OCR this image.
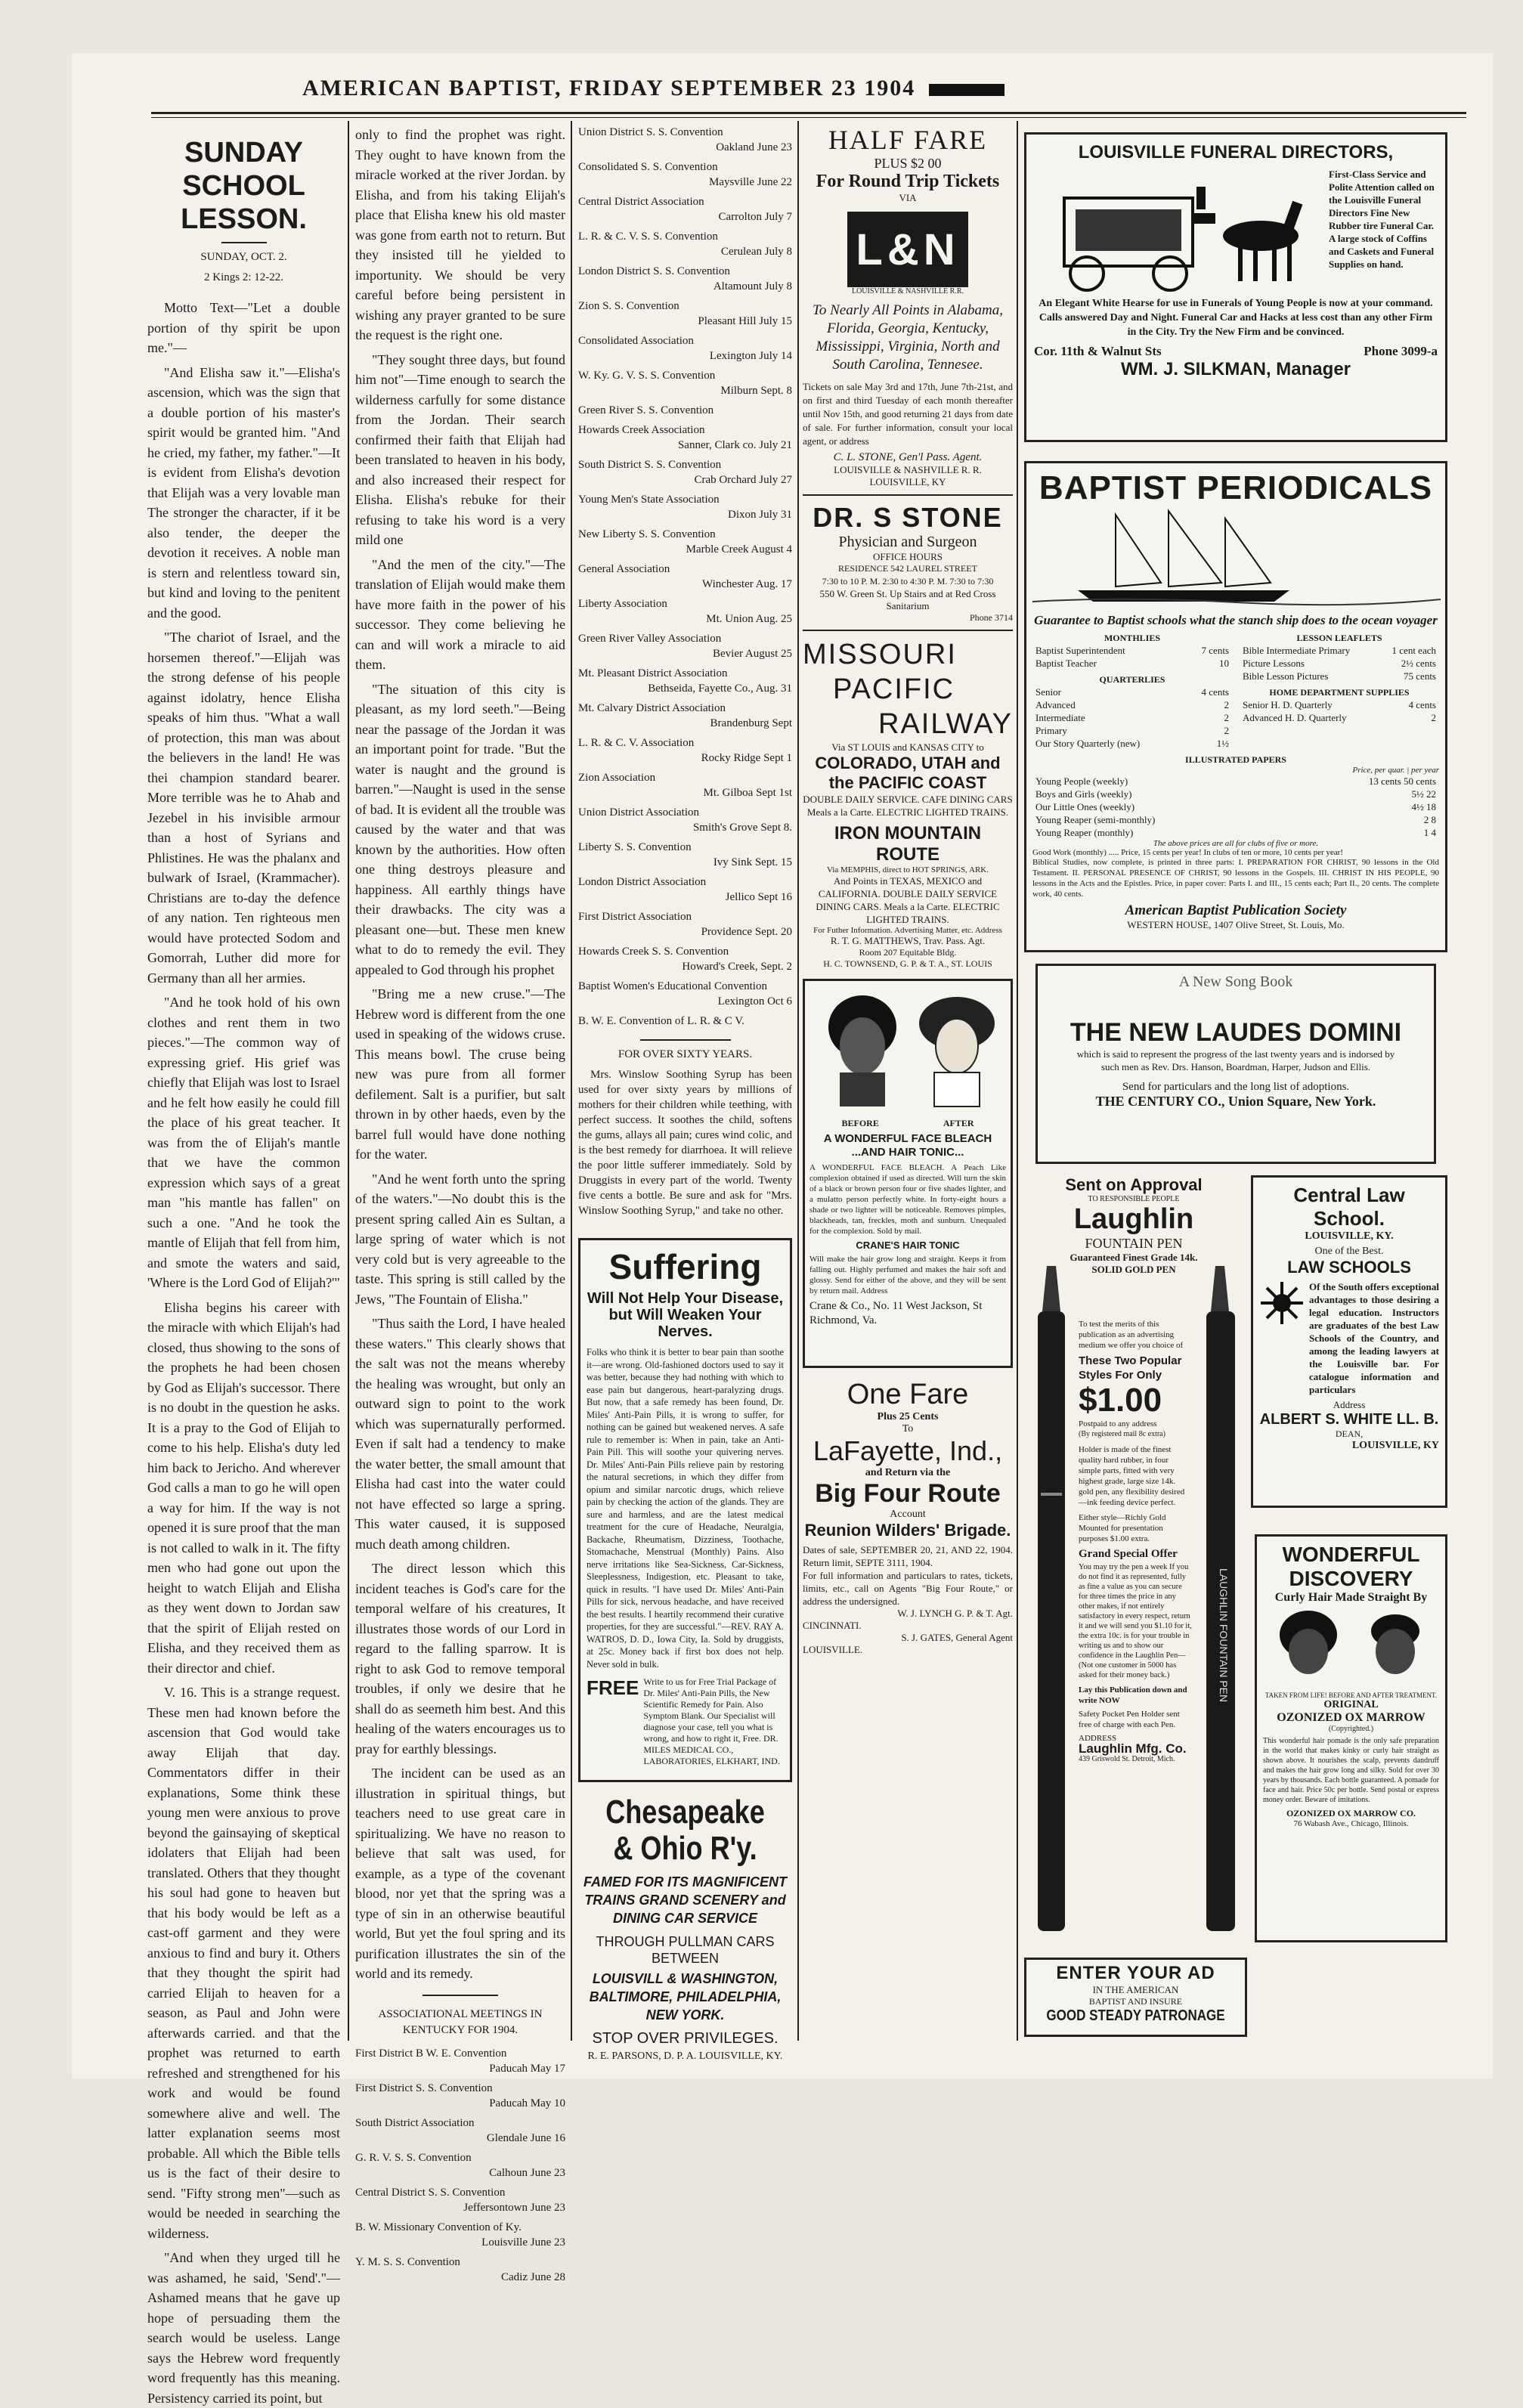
AMERICAN BAPTIST, FRIDAY SEPTEMBER 23 1904
SUNDAY SCHOOL
LESSON.
SUNDAY, OCT. 2.
2 Kings 2: 12-22.

Motto Text—"Let a double portion of thy spirit be upon me."—

"And Elisha saw it."—Elisha's ascension, which was the sign that a double portion of his master's spirit would be granted him. "And he cried, my father, my father."—It is evident from Elisha's devotion that Elijah was a very lovable man The stronger the character, if it be also tender, the deeper the devotion it receives. A noble man is stern and relentless toward sin, but kind and loving to the penitent and the good.

"The chariot of Israel, and the horsemen thereof."—Elijah was the strong defense of his people against idolatry, hence Elisha speaks of him thus. "What a wall of protection, this man was about the believers in the land! He was thei champion standard bearer. More terrible was he to Ahab and Jezebel in his invisible armour than a host of Syrians and Phlistines. He was the phalanx and bulwark of Israel, (Krammacher). Christians are to-day the defence of any nation. Ten righteous men would have protected Sodom and Gomorrah, Luther did more for Germany than all her armies.

"And he took hold of his own clothes and rent them in two pieces."—The common way of expressing grief. His grief was chiefly that Elijah was lost to Israel and he felt how easily he could fill the place of his great teacher. It was from the of Elijah's mantle that we have the common expression which says of a great man "his mantle has fallen" on such a one. "And he took the mantle of Elijah that fell from him, and smote the waters and said, 'Where is the Lord God of Elijah?'"

Elisha begins his career with the miracle with which Elijah's had closed, thus showing to the sons of the prophets he had been chosen by God as Elijah's successor. There is no doubt in the question he asks. It is a pray to the God of Elijah to come to his help. Elisha's duty led him back to Jericho. And wherever God calls a man to go he will open a way for him. If the way is not opened it is sure proof that the man is not called to walk in it. The fifty men who had gone out upon the height to watch Elijah and Elisha as they went down to Jordan saw that the spirit of Elijah rested on Elisha, and they received them as their director and chief.

V. 16. This is a strange request. These men had known before the ascension that God would take away Elijah that day. Commentators differ in their explanations, Some think these young men were anxious to prove beyond the gainsaying of skeptical idolaters that Elijah had been translated. Others that they thought his soul had gone to heaven but that his body would be left as a cast-off garment and they were anxious to find and bury it. Others that they thought the spirit had carried Elijah to heaven for a season, as Paul and John were afterwards carried. and that the prophet was returned to earth refreshed and strengthened for his work and would be found somewhere alive and well. The latter explanation seems most probable. All which the Bible tells us is the fact of their desire to send. "Fifty strong men"—such as would be needed in searching the wilderness.

"And when they urged till he was ashamed, he said, 'Send'."—Ashamed means that he gave up hope of persuading them the search would be useless. Lange says the Hebrew word frequently word frequently has this meaning. Persistency carried its point, but

only to find the prophet was right. They ought to have known from the miracle worked at the river Jordan. by Elisha, and from his taking Elijah's place that Elisha knew his old master was gone from earth not to return. But they insisted till he yielded to importunity. We should be very careful before being persistent in wishing any prayer granted to be sure the request is the right one.

"They sought three days, but found him not"—Time enough to search the wilderness carfully for some distance from the Jordan. Their search confirmed their faith that Elijah had been translated to heaven in his body, and also increased their respect for Elisha. Elisha's rebuke for their refusing to take his word is a very mild one

"And the men of the city."—The translation of Elijah would make them have more faith in the power of his successor. They come believing he can and will work a miracle to aid them.

"The situation of this city is pleasant, as my lord seeth."—Being near the passage of the Jordan it was an important point for trade. "But the water is naught and the ground is barren."—Naught is used in the sense of bad. It is evident all the trouble was caused by the water and that was known by the authorities. How often one thing destroys pleasure and happiness. All earthly things have their drawbacks. The city was a pleasant one—but. These men knew what to do to remedy the evil. They appealed to God through his prophet

"Bring me a new cruse."—The Hebrew word is different from the one used in speaking of the widows cruse. This means bowl. The cruse being new was pure from all former defilement. Salt is a purifier, but salt thrown in by other haeds, even by the barrel full would have done nothing for the water.

"And he went forth unto the spring of the waters."—No doubt this is the present spring called Ain es Sultan, a large spring of water which is not very cold but is very agreeable to the taste. This spring is still called by the Jews, "The Fountain of Elisha."

"Thus saith the Lord, I have healed these waters." This clearly shows that the salt was not the means whereby the healing was wrought, but only an outward sign to point to the work which was supernaturally performed. Even if salt had a tendency to make the water better, the small amount that Elisha had cast into the water could not have effected so large a spring. This water caused, it is supposed much death among children.

The direct lesson which this incident teaches is God's care for the temporal welfare of his creatures, It illustrates those words of our Lord in regard to the falling sparrow. It is right to ask God to remove temporal troubles, if only we desire that he shall do as seemeth him best. And this healing of the waters encourages us to pray for earthly blessings.

The incident can be used as an illustration in spiritual things, but teachers need to use great care in spiritualizing. We have no reason to believe that salt was used, for example, as a type of the covenant blood, nor yet that the spring was a type of sin in an otherwise beautiful world, But yet the foul spring and its purification illustrates the sin of the world and its remedy.

ASSOCIATIONAL MEETINGS IN KENTUCKY FOR 1904.
First District B W. E. Convention
Paducah May 17
First District S. S. Convention
Paducah May 10
South District Association
Glendale June 16
G. R. V. S. S. Convention
Calhoun June 23
Central District S. S. Convention
Jeffersontown June 23
B. W. Missionary Convention of Ky.
Louisville June 23
Y. M. S. S. Convention
Cadiz June 28
Union District S. S. Convention
Oakland June 23
Consolidated S. S. Convention
Maysville June 22
Central District Association
Carrolton July 7
L. R. & C. V. S. S. Convention
Cerulean July 8
London District S. S. Convention
Altamount July 8
Zion S. S. Convention
Pleasant Hill July 15
Consolidated Association
Lexington July 14
W. Ky. G. V. S. S. Convention
Milburn Sept. 8
Green River S. S. Convention
Howards Creek Association
Sanner, Clark co. July 21
South District S. S. Convention
Crab Orchard July 27
Young Men's State Association
Dixon July 31
New Liberty S. S. Convention
Marble Creek August 4
General Association
Winchester Aug. 17
Liberty Association
Mt. Union Aug. 25
Green River Valley Association
Bevier August 25
Mt. Pleasant District Association
Bethseida, Fayette Co., Aug. 31
Mt. Calvary District Association
Brandenburg Sept
L. R. & C. V. Association
Rocky Ridge Sept 1
Zion Association
Mt. Gilboa Sept 1st
Union District Association
Smith's Grove Sept 8.
Liberty S. S. Convention
Ivy Sink Sept. 15
London District Association
Jellico Sept 16
First District Association
Providence Sept. 20
Howards Creek S. S. Convention
Howard's Creek, Sept. 2
Baptist Women's Educational Convention
Lexington Oct 6
B. W. E. Convention of L. R. & C V.
FOR OVER SIXTY YEARS.

Mrs. Winslow Soothing Syrup has been used for over sixty years by millions of mothers for their children while teething, with perfect success. It soothes the child, softens the gums, allays all pain; cures wind colic, and is the best remedy for diarrhoea. It will relieve the poor little sufferer immediately. Sold by Druggists in every part of the world. Twenty five cents a bottle. Be sure and ask for "Mrs. Winslow Soothing Syrup," and take no other.

Suffering
Will Not Help Your Disease, but Will Weaken Your Nerves.
Folks who think it is better to bear pain than soothe it—are wrong. Old-fashioned doctors used to say it was better, because they had nothing with which to ease pain but dangerous, heart-paralyzing drugs. But now, that a safe remedy has been found, Dr. Miles' Anti-Pain Pills, it is wrong to suffer, for nothing can be gained but weakened nerves. A safe rule to remember is: When in pain, take an Anti-Pain Pill. This will soothe your quivering nerves. Dr. Miles' Anti-Pain Pills relieve pain by restoring the natural secretions, in which they differ from opium and similar narcotic drugs, which relieve pain by checking the action of the glands. They are sure and harmless, and are the latest medical treatment for the cure of Headache, Neuralgia, Backache, Rheumatism, Dizziness, Toothache, Stomachache, Menstrual (Monthly) Pains. Also nerve irritations like Sea-Sickness, Car-Sickness, Sleeplessness, Indigestion, etc. Pleasant to take, quick in results. "I have used Dr. Miles' Anti-Pain Pills for sick, nervous headache, and have received the best results. I heartily recommend their curative properties, for they are successful."—REV. RAY A. WATROS, D. D., Iowa City, Ia. Sold by druggists, at 25c. Money back if first box does not help. Never sold in bulk.
FREE Write to us for Free Trial Package of Dr. Miles' Anti-Pain Pills, the New Scientific Remedy for Pain. Also Symptom Blank. Our Specialist will diagnose your case, tell you what is wrong, and how to right it, Free. DR. MILES MEDICAL CO., LABORATORIES, ELKHART, IND.
Chesapeake & Ohio R'y.
FAMED FOR ITS MAGNIFICENT TRAINS GRAND SCENERY and DINING CAR SERVICE
THROUGH PULLMAN CARS BETWEEN
LOUISVILL & WASHINGTON, BALTIMORE, PHILADELPHIA, NEW YORK.
STOP OVER PRIVILEGES.
R. E. PARSONS, D. P. A. LOUISVILLE, KY.
HALF FARE
PLUS $2 00
For Round Trip Tickets
VIA
L&N
LOUISVILLE & NASHVILLE R.R.
To Nearly All Points in Alabama, Florida, Georgia, Kentucky, Mississippi, Virginia, North and South Carolina, Tennesee.
Tickets on sale May 3rd and 17th, June 7th-21st, and on first and third Tuesday of each month thereafter until Nov 15th, and good returning 21 days from date of sale. For further information, consult your local agent, or address
C. L. STONE, Gen'l Pass. Agent.
LOUISVILLE & NASHVILLE R. R.
LOUISVILLE, KY
DR. S STONE
Physician and Surgeon
OFFICE HOURS
RESIDENCE 542 LAUREL STREET
7:30 to 10 P. M. 2:30 to 4:30 P. M. 7:30 to 7:30
550 W. Green St. Up Stairs and at Red Cross Sanitarium
Phone 3714
MISSOURI
PACIFIC
RAILWAY
Via ST LOUIS and KANSAS CITY to
COLORADO, UTAH and the PACIFIC COAST
DOUBLE DAILY SERVICE. CAFE DINING CARS Meals a la Carte. ELECTRIC LIGHTED TRAINS.
IRON MOUNTAIN ROUTE
Via MEMPHIS, direct to HOT SPRINGS, ARK.
And Points in TEXAS, MEXICO and CALIFORNIA. DOUBLE DAILY SERVICE DINING CARS. Meals a la Carte. ELECTRIC LIGHTED TRAINS.
For Futher Information. Advertising Matter, etc. Address
R. T. G. MATTHEWS, Trav. Pass. Agt.
Room 207 Equitable Bldg.
H. C. TOWNSEND, G. P. & T. A., ST. LOUIS
BEFORE	AFTER
A WONDERFUL FACE BLEACH ...AND HAIR TONIC...
A WONDERFUL FACE BLEACH. A Peach Like complexion obtained if used as directed. Will turn the skin of a black or brown person four or five shades lighter, and a mulatto person perfectly white. In forty-eight hours a shade or two lighter will be noticeable. Removes pimples, blackheads, tan, freckles, moth and sunburn. Unequaled for the complexion. Sold by mail.
CRANE'S HAIR TONIC
Will make the hair grow long and straight. Keeps it from falling out. Highly perfumed and makes the hair soft and glossy. Send for either of the above, and they will be sent by return mail. Address
Crane & Co., No. 11 West Jackson, St Richmond, Va.
One Fare
Plus 25 Cents
To
LaFayette, Ind.,
and Return via the
Big Four Route
Account
Reunion Wilders' Brigade.
Dates of sale, SEPTEMBER 20, 21, AND 22, 1904. Return limit, SEPTE 3111, 1904.
For full information and particulars to rates, tickets, limits, etc., call on Agents "Big Four Route," or address the undersigned.
W. J. LYNCH G. P. & T. Agt.
CINCINNATI.
S. J. GATES, General Agent
LOUISVILLE.
LOUISVILLE FUNERAL DIRECTORS,
First-Class Service and Polite Attention called on the Louisville Funeral Directors Fine New Rubber tire Funeral Car. A large stock of Coffins and Caskets and Funeral Supplies on hand.
An Elegant White Hearse for use in Funerals of Young People is now at your command. Calls answered Day and Night. Funeral Car and Hacks at less cost than any other Firm in the City. Try the New Firm and be convinced.
Cor. 11th & Walnut Sts	Phone 3099-a
WM. J. SILKMAN, Manager
BAPTIST PERIODICALS
Guarantee to Baptist schools what the stanch ship does to the ocean voyager
MONTHLIES
Baptist Superintendent	7 cents
Baptist Teacher	10
QUARTERLIES
Senior	4 cents
Advanced	2
Intermediate	2
Primary	2
Our Story Quarterly (new)	1½
LESSON LEAFLETS
Bible Intermediate Primary	1 cent each
Picture Lessons	2½ cents
Bible Lesson Pictures	75 cents
HOME DEPARTMENT SUPPLIES
Senior H. D. Quarterly	4 cents
Advanced H. D. Quarterly	2
ILLUSTRATED PAPERS
Price, per quar. | per year
Young People (weekly)	13 cents 50 cents
Boys and Girls (weekly)	5½ 22
Our Little Ones (weekly)	4½ 18
Young Reaper (semi-monthly)	2 8
Young Reaper (monthly)	1 4
The above prices are all for clubs of five or more.
Good Work (monthly) ..... Price, 15 cents per year! In clubs of ten or more, 10 cents per year!
Biblical Studies, now complete, is printed in three parts: I. PREPARATION FOR CHRIST, 90 lessons in the Old Testament. II. PERSONAL PRESENCE OF CHRIST, 90 lessons in the Gospels. III. CHRIST IN HIS PEOPLE, 90 lessons in the Acts and the Epistles. Price, in paper cover: Parts I. and III., 15 cents each; Part II., 20 cents. The complete work, 40 cents.
American Baptist Publication Society
WESTERN HOUSE, 1407 Olive Street, St. Louis, Mo.
A New Song Book
THE NEW LAUDES DOMINI
which is said to represent the progress of the last twenty years and is indorsed by such men as Rev. Drs. Hanson, Boardman, Harper, Judson and Ellis.
Send for particulars and the long list of adoptions.
THE CENTURY CO., Union Square, New York.
Sent on Approval
TO RESPONSIBLE PEOPLE
Laughlin
FOUNTAIN PEN
Guaranteed Finest Grade 14k. SOLID GOLD PEN
To test the merits of this publication as an advertising medium we offer you choice of
These Two Popular Styles For Only
$1.00
Postpaid to any address
(By registered mail 8c extra)
Holder is made of the finest quality hard rubber, in four simple parts, fitted with very highest grade, large size 14k. gold pen, any flexibility desired—ink feeding device perfect.
Either style—Richly Gold Mounted for presentation purposes $1.00 extra.
Grand Special Offer
You may try the pen a week If you do not find it as represented, fully as fine a value as you can secure for three times the price in any other makes, if not entirely satisfactory in every respect, return it and we will send you $1.10 for it, the extra 10c. is for your trouble in writing us and to show our confidence in the Laughlin Pen—(Not one customer in 5000 has asked for their money back.)
Lay this Publication down and write NOW
Safety Pocket Pen Holder sent free of charge with each Pen.
ADDRESS
Laughlin Mfg. Co.
439 Griswold St. Detroit, Mich.
LAUGHLIN FOUNTAIN PEN
Central Law School.
LOUISVILLE, KY.
One of the Best.
LAW SCHOOLS
Of the South offers exceptional advantages to those desiring a legal education. Instructors are graduates of the best Law Schools of the Country, and among the leading lawyers at the Louisville bar. For catalogue information and particulars
Address
ALBERT S. WHITE LL. B.
DEAN,
LOUISVILLE, KY
WONDERFUL DISCOVERY
Curly Hair Made Straight By
TAKEN FROM LIFE! BEFORE AND AFTER TREATMENT.
ORIGINAL
OZONIZED OX MARROW
(Copyrighted.)
This wonderful hair pomade is the only safe preparation in the world that makes kinky or curly hair straight as shown above. It nourishes the scalp, prevents dandruff and makes the hair grow long and silky. Sold for over 30 years by thousands. Each bottle guaranteed. A pomade for face and hair. Price 50c per bottle. Send postal or express money order. Beware of imitations.
OZONIZED OX MARROW CO.
76 Wabash Ave., Chicago, Illinois.
ENTER YOUR AD
IN THE AMERICAN
BAPTIST AND INSURE
GOOD STEADY PATRONAGE
